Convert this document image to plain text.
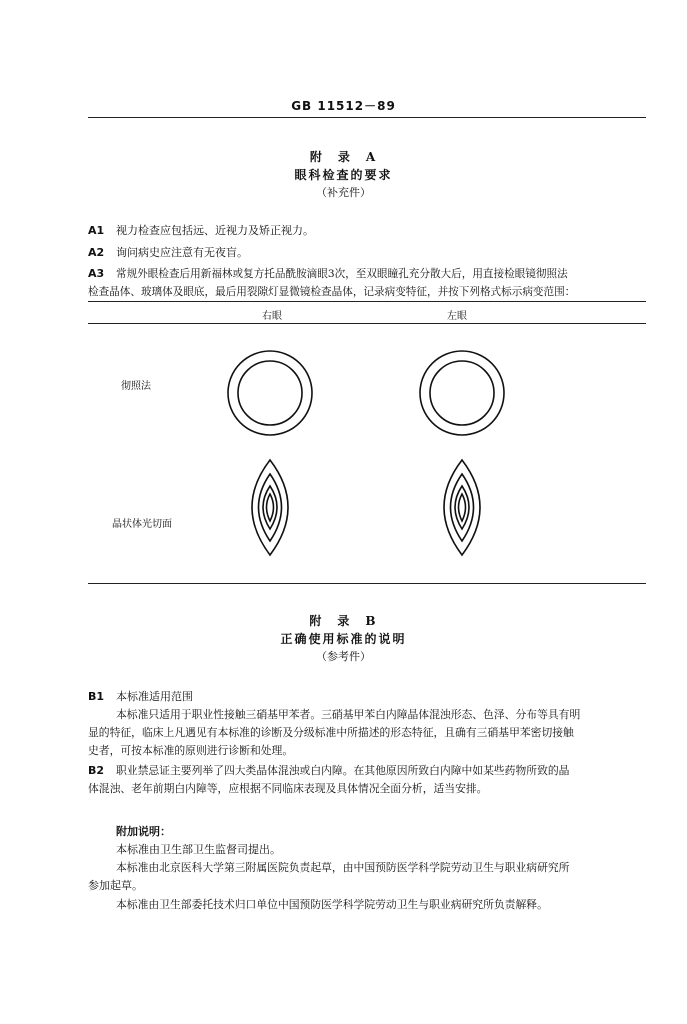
GB 11512－89
附　录　A
眼科检查的要求
（补充件）
A1 视力检查应包括远、近视力及矫正视力。
A2 询问病史应注意有无夜盲。
A3 常规外眼检查后用新福林或复方托品酰胺滴眼3次，至双眼瞳孔充分散大后，用直接检眼镜彻照法
检查晶体、玻璃体及眼底，最后用裂隙灯显微镜检查晶体，记录病变特征，并按下列格式标示病变范围：
右眼	左眼
彻照法
晶状体光切面
附　录　B
正确使用标准的说明
（参考件）
B1 本标准适用范围
本标准只适用于职业性接触三硝基甲苯者。三硝基甲苯白内障晶体混浊形态、色泽、分布等具有明
显的特征，临床上凡遇见有本标准的诊断及分级标准中所描述的形态特征，且确有三硝基甲苯密切接触
史者，可按本标准的原则进行诊断和处理。
B2 职业禁忌证主要列举了四大类晶体混浊或白内障。在其他原因所致白内障中如某些药物所致的晶
体混浊、老年前期白内障等，应根据不同临床表现及具体情况全面分析，适当安排。
附加说明：
本标准由卫生部卫生监督司提出。
本标准由北京医科大学第三附属医院负责起草，由中国预防医学科学院劳动卫生与职业病研究所
参加起草。
本标准由卫生部委托技术归口单位中国预防医学科学院劳动卫生与职业病研究所负责解释。
